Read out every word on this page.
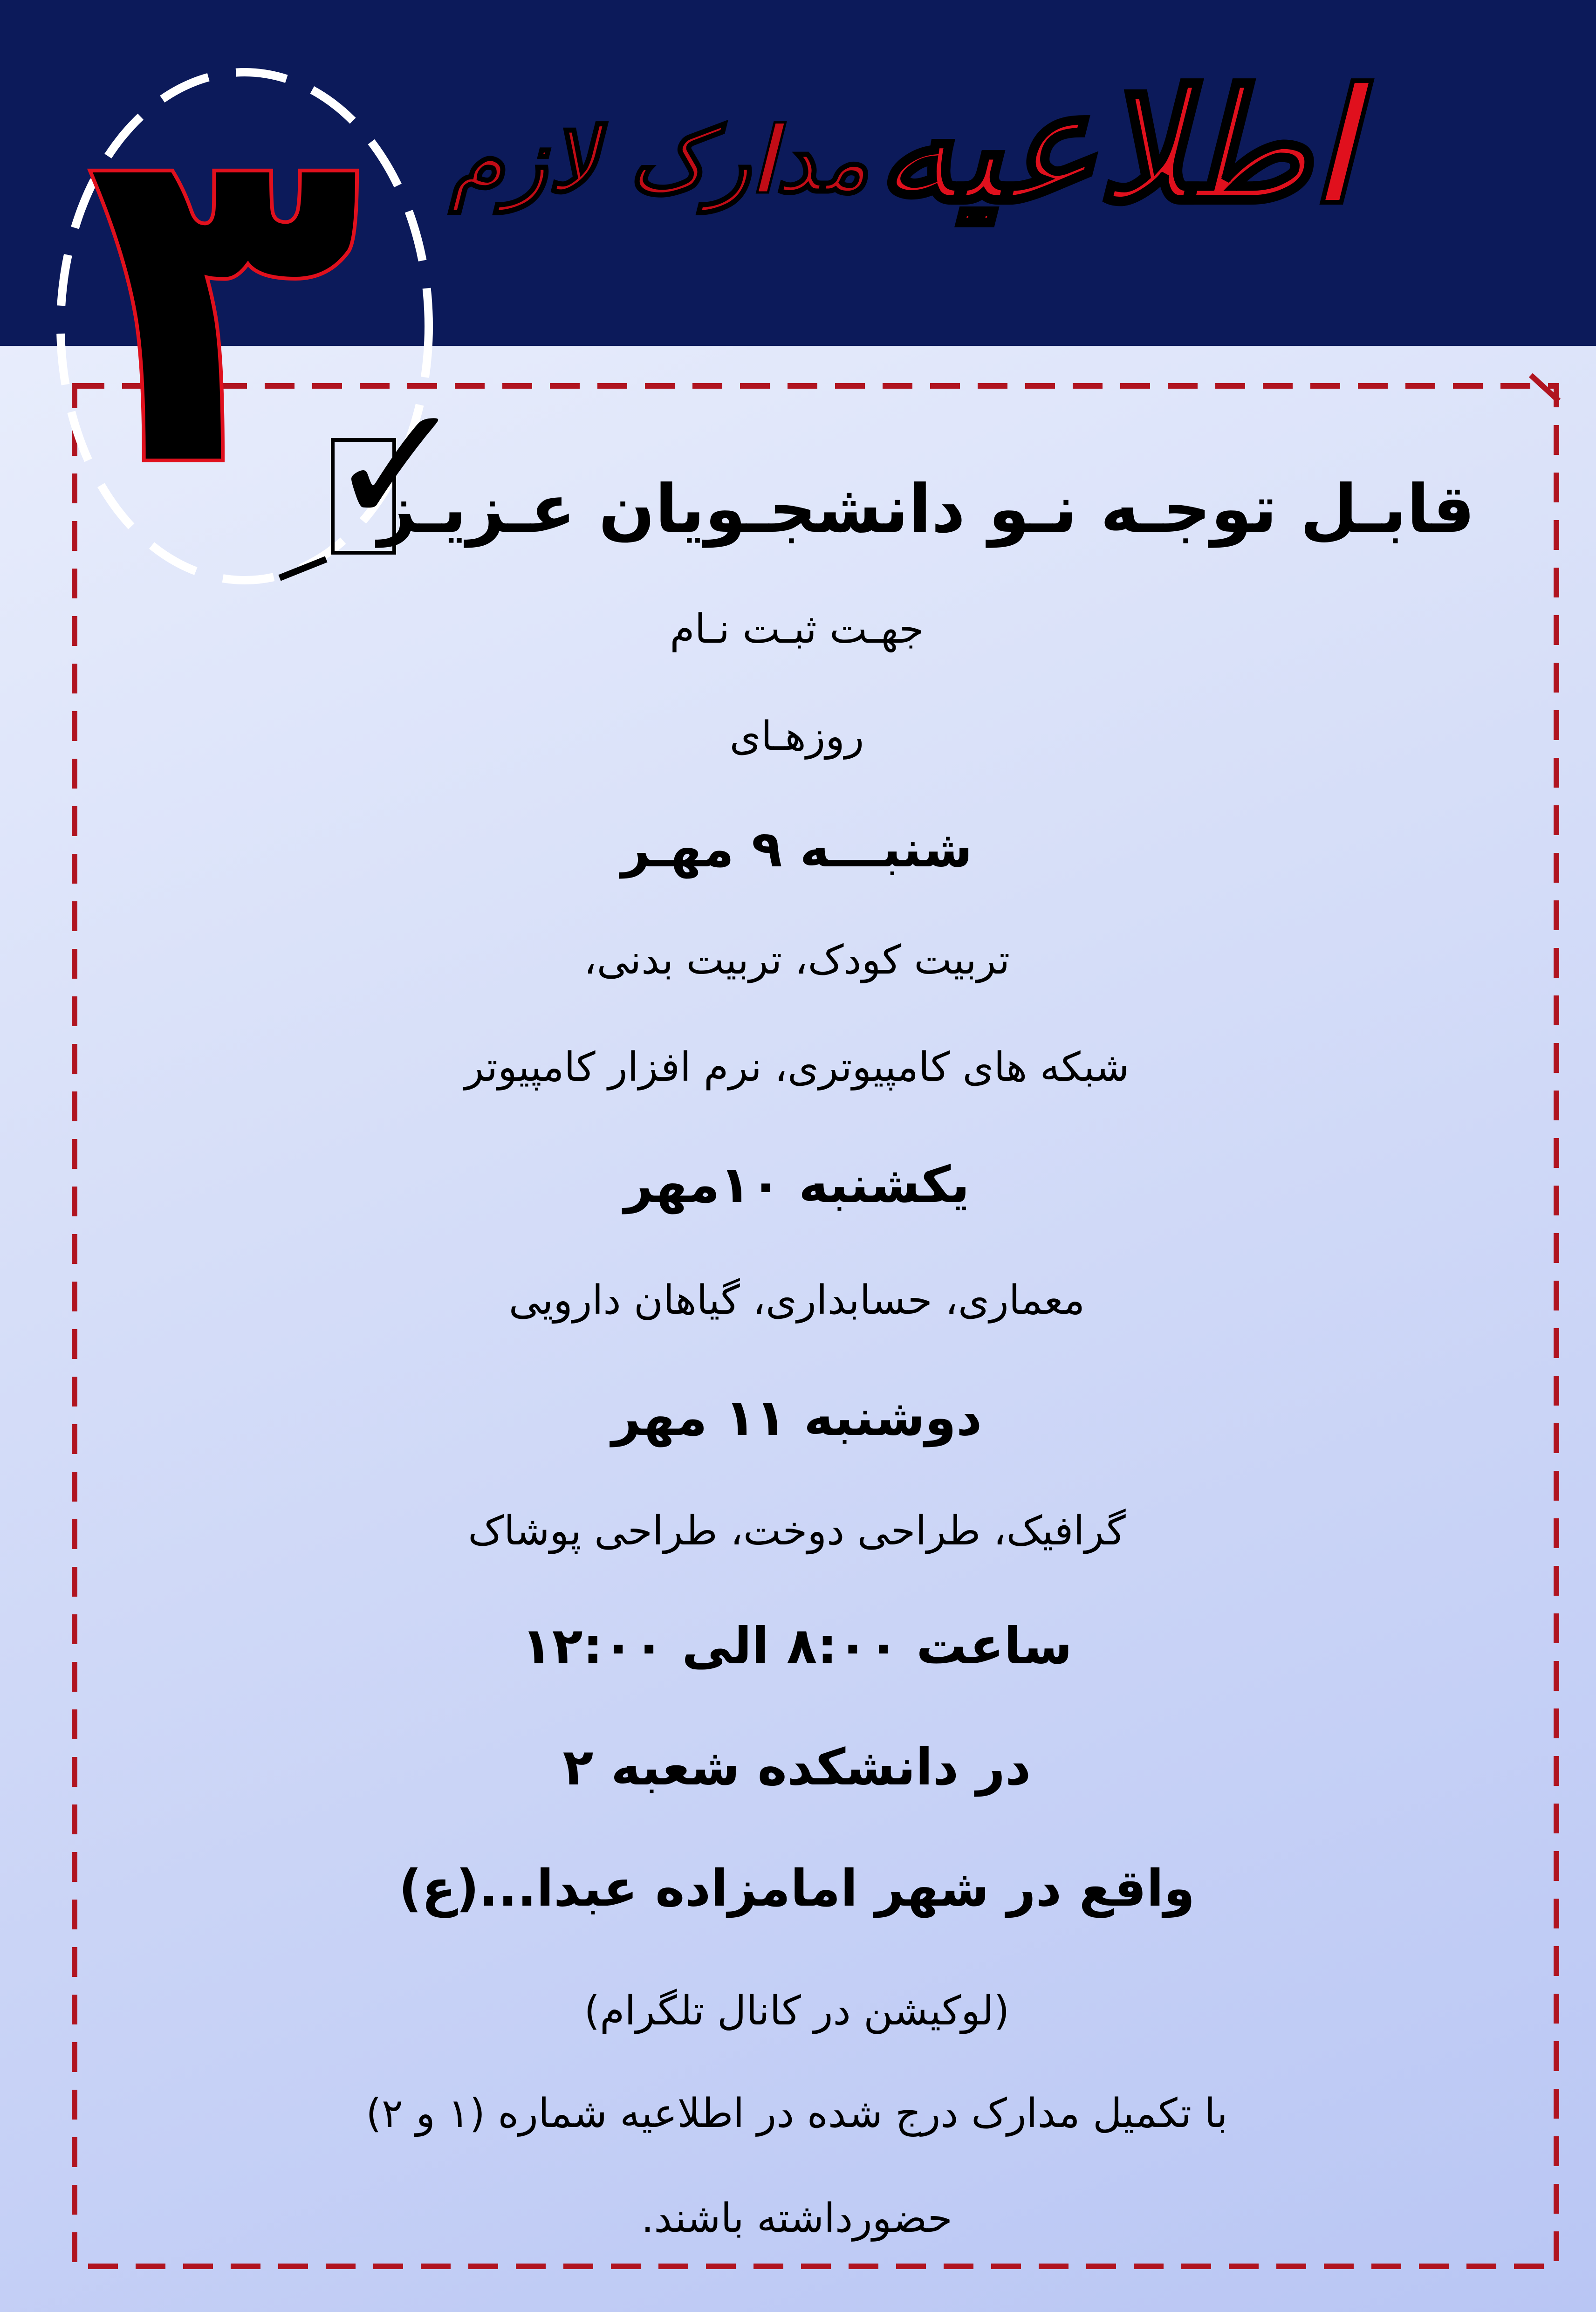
اطلاعیه
مدارک لازم
۳
✓
قابـل توجـه نـو دانشجـویان عـزیـز
جهـت ثبـت نـام
روزهـای
شنبـــه ۹ مهـر
تربیت کودک، تربیت بدنی،
شبکه های کامپیوتری، نرم افزار کامپیوتر
یکشنبه ۱۰مهر
معماری، حسابداری، گیاهان دارویی
دوشنبه ۱۱ مهر
گرافیک، طراحی دوخت، طراحی پوشاک
ساعت ۸:۰۰ الی ۱۲:۰۰
در دانشکده شعبه ۲
واقع در شهر امامزاده عبدا...(ع)
(لوکیشن در کانال تلگرام)
با تکمیل مدارک درج شده در اطلاعیه شماره (۱ و ۲)
حضورداشته باشند.
